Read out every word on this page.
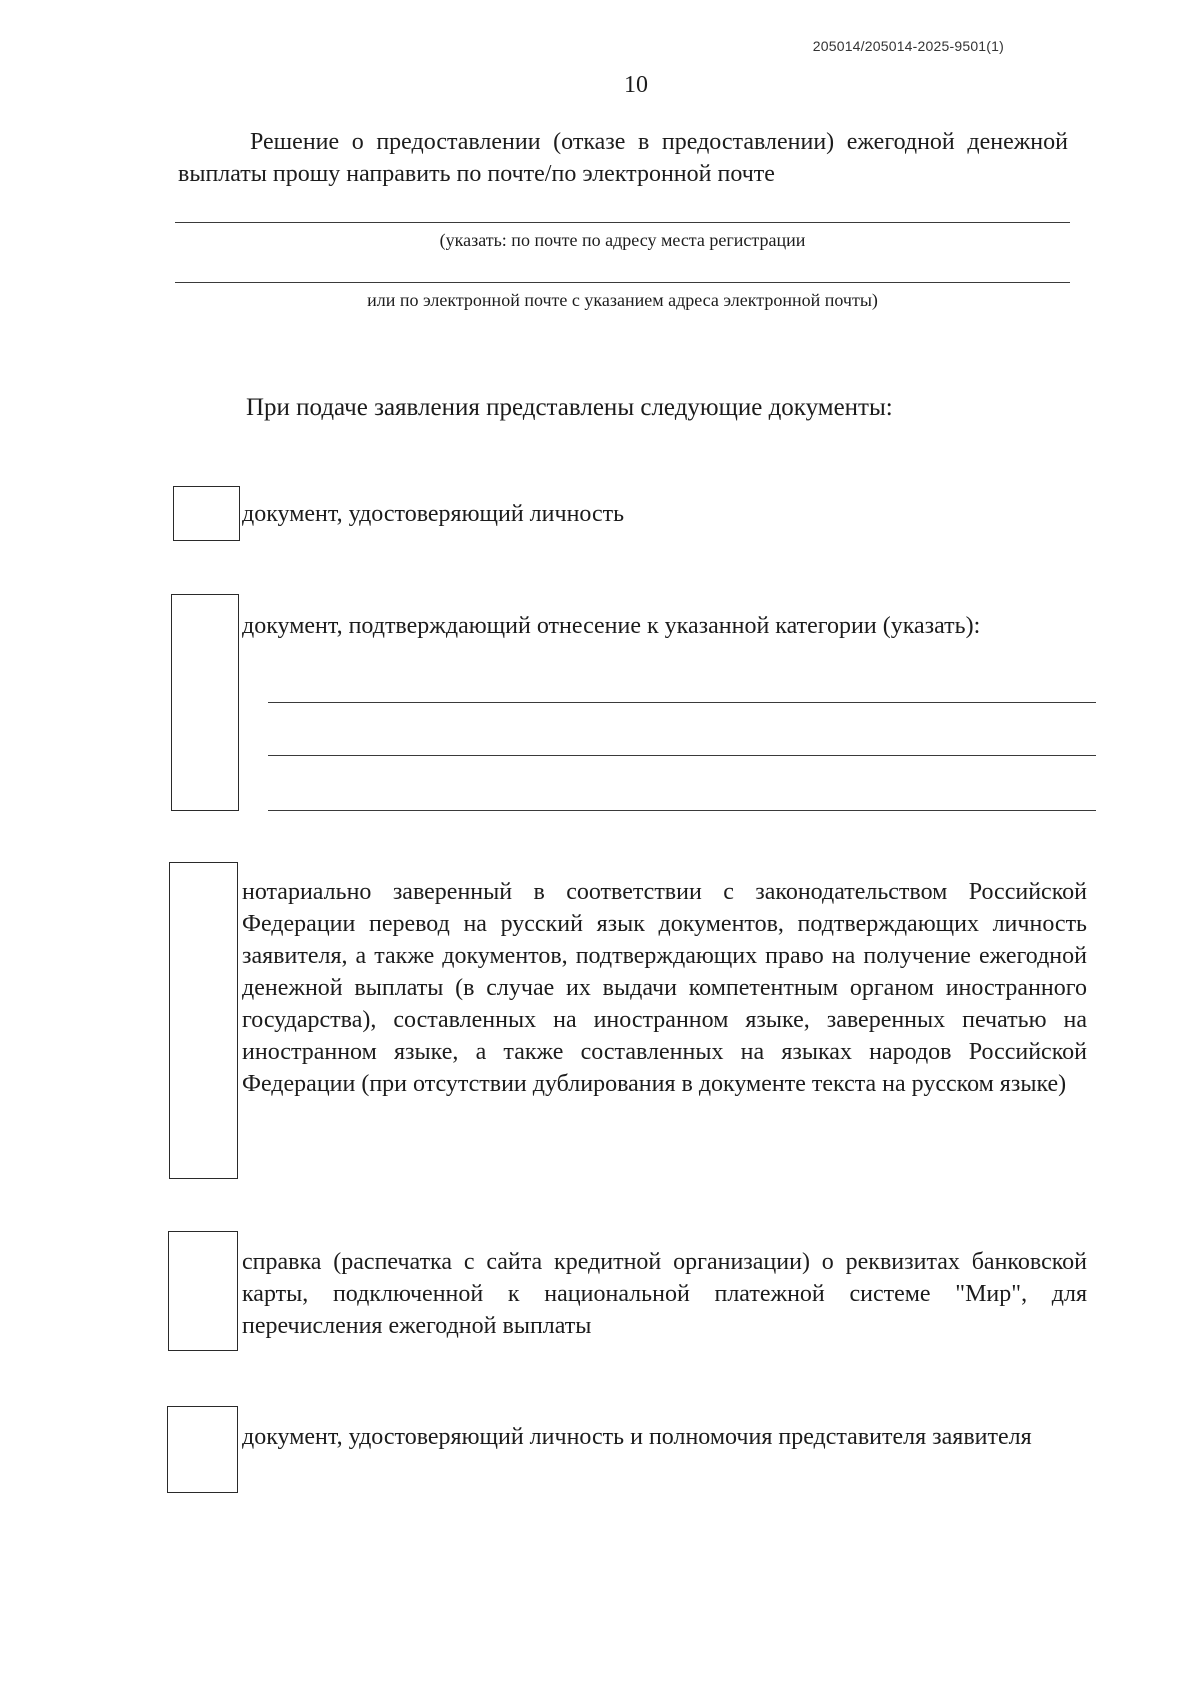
205014/205014-2025-9501(1)
10
Решение о предоставлении (отказе в предоставлении) ежегодной денежной выплаты прошу направить по почте/по электронной почте
(указать: по почте по адресу места регистрации
или по электронной почте с указанием адреса электронной почты)
При подаче заявления представлены следующие документы:
документ, удостоверяющий личность
документ, подтверждающий отнесение к указанной категории (указать):
нотариально заверенный в соответствии с законодательством Российской Федерации перевод на русский язык документов, подтверждающих личность заявителя, а также документов, подтверждающих право на получение ежегодной денежной выплаты (в случае их выдачи компетентным органом иностранного государства), составленных на иностранном языке, заверенных печатью на иностранном языке, а также составленных на языках народов Российской Федерации (при отсутствии дублирования в документе текста на русском языке)
справка (распечатка с сайта кредитной организации) о реквизитах банковской карты, подключенной к национальной платежной системе "Мир", для перечисления ежегодной выплаты
документ, удостоверяющий личность и полномочия представителя заявителя
